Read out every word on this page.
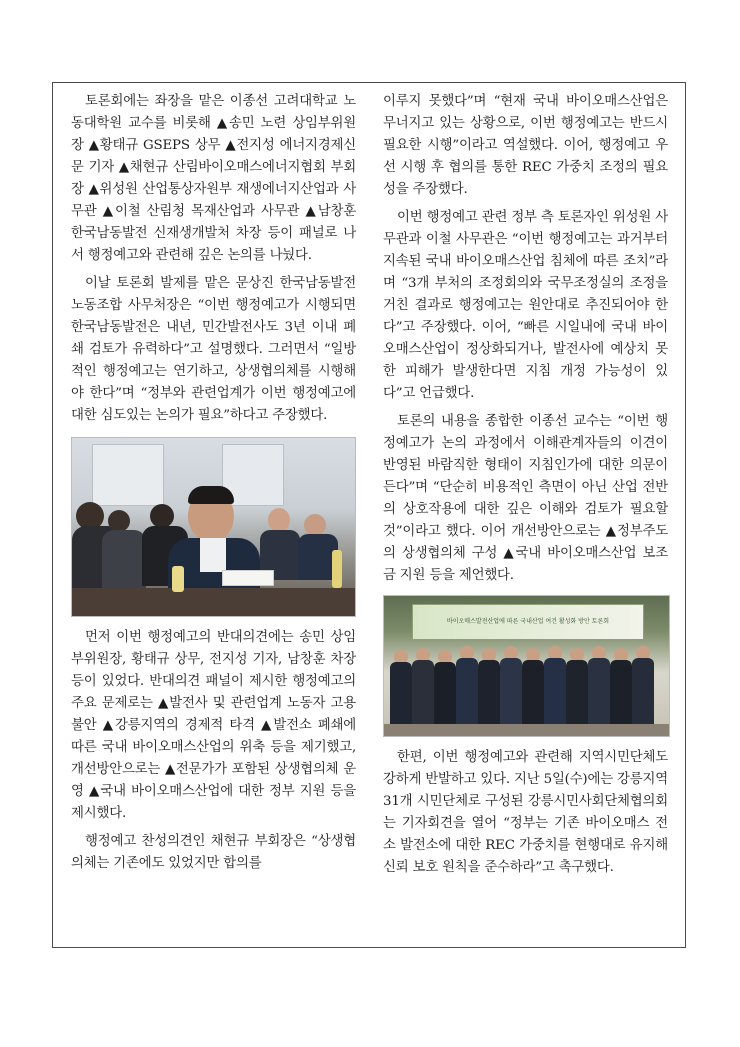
토론회에는 좌장을 맡은 이종선 고려대학교 노동대학원 교수를 비롯해 ▲송민 노련 상임부위원장 ▲황태규 GSEPS 상무 ▲전지성 에너지경제신문 기자 ▲채현규 산림바이오매스에너지협회 부회장 ▲위성원 산업통상자원부 재생에너지산업과 사무관 ▲이철 산림청 목재산업과 사무관 ▲남창훈 한국남동발전 신재생개발처 차장 등이 패널로 나서 행정예고와 관련해 깊은 논의를 나눴다.

이날 토론회 발제를 맡은 문상진 한국남동발전노동조합 사무처장은 “이번 행정예고가 시행되면 한국남동발전은 내년, 민간발전사도 3년 이내 폐쇄 검토가 유력하다”고 설명했다. 그러면서 “일방적인 행정예고는 연기하고, 상생협의체를 시행해야 한다”며 “정부와 관련업계가 이번 행정예고에 대한 심도있는 논의가 필요”하다고 주장했다.

먼저 이번 행정예고의 반대의견에는 송민 상임부위원장, 황태규 상무, 전지성 기자, 남창훈 차장 등이 있었다. 반대의견 패널이 제시한 행정예고의 주요 문제로는 ▲발전사 및 관련업계 노동자 고용불안 ▲강릉지역의 경제적 타격 ▲발전소 폐쇄에 따른 국내 바이오매스산업의 위축 등을 제기했고, 개선방안으로는 ▲전문가가 포함된 상생협의체 운영 ▲국내 바이오매스산업에 대한 정부 지원 등을 제시했다.

행정예고 찬성의견인 채현규 부회장은 “상생협의체는 기존에도 있었지만 합의를

이루지 못했다”며 “현재 국내 바이오매스산업은 무너지고 있는 상황으로, 이번 행정예고는 반드시 필요한 시행”이라고 역설했다. 이어, 행정예고 우선 시행 후 협의를 통한 REC 가중치 조정의 필요성을 주장했다.

이번 행정예고 관련 정부 측 토론자인 위성원 사무관과 이철 사무관은 “이번 행정예고는 과거부터 지속된 국내 바이오매스산업 침체에 따른 조치”라며 “3개 부처의 조정회의와 국무조정실의 조정을 거친 결과로 행정예고는 원안대로 추진되어야 한다”고 주장했다. 이어, “빠른 시일내에 국내 바이오매스산업이 정상화되거나, 발전사에 예상치 못한 피해가 발생한다면 지침 개정 가능성이 있다”고 언급했다.

토론의 내용을 종합한 이종선 교수는 “이번 행정예고가 논의 과정에서 이해관계자들의 이견이 반영된 바람직한 형태이 지침인가에 대한 의문이 든다”며 “단순히 비용적인 측면이 아닌 산업 전반의 상호작용에 대한 깊은 이해와 검토가 필요할 것”이라고 했다. 이어 개선방안으로는 ▲정부주도의 상생협의체 구성 ▲국내 바이오매스산업 보조금 지원 등을 제언했다.

바이오매스발전산업에 따른 국내산업 여건 활성화 방안 토론회

한편, 이번 행정예고와 관련해 지역시민단체도 강하게 반발하고 있다. 지난 5일(수)에는 강릉지역 31개 시민단체로 구성된 강릉시민사회단체협의회는 기자회견을 열어 “정부는 기존 바이오매스 전소 발전소에 대한 REC 가중치를 현행대로 유지해 신뢰 보호 원칙을 준수하라”고 촉구했다.
